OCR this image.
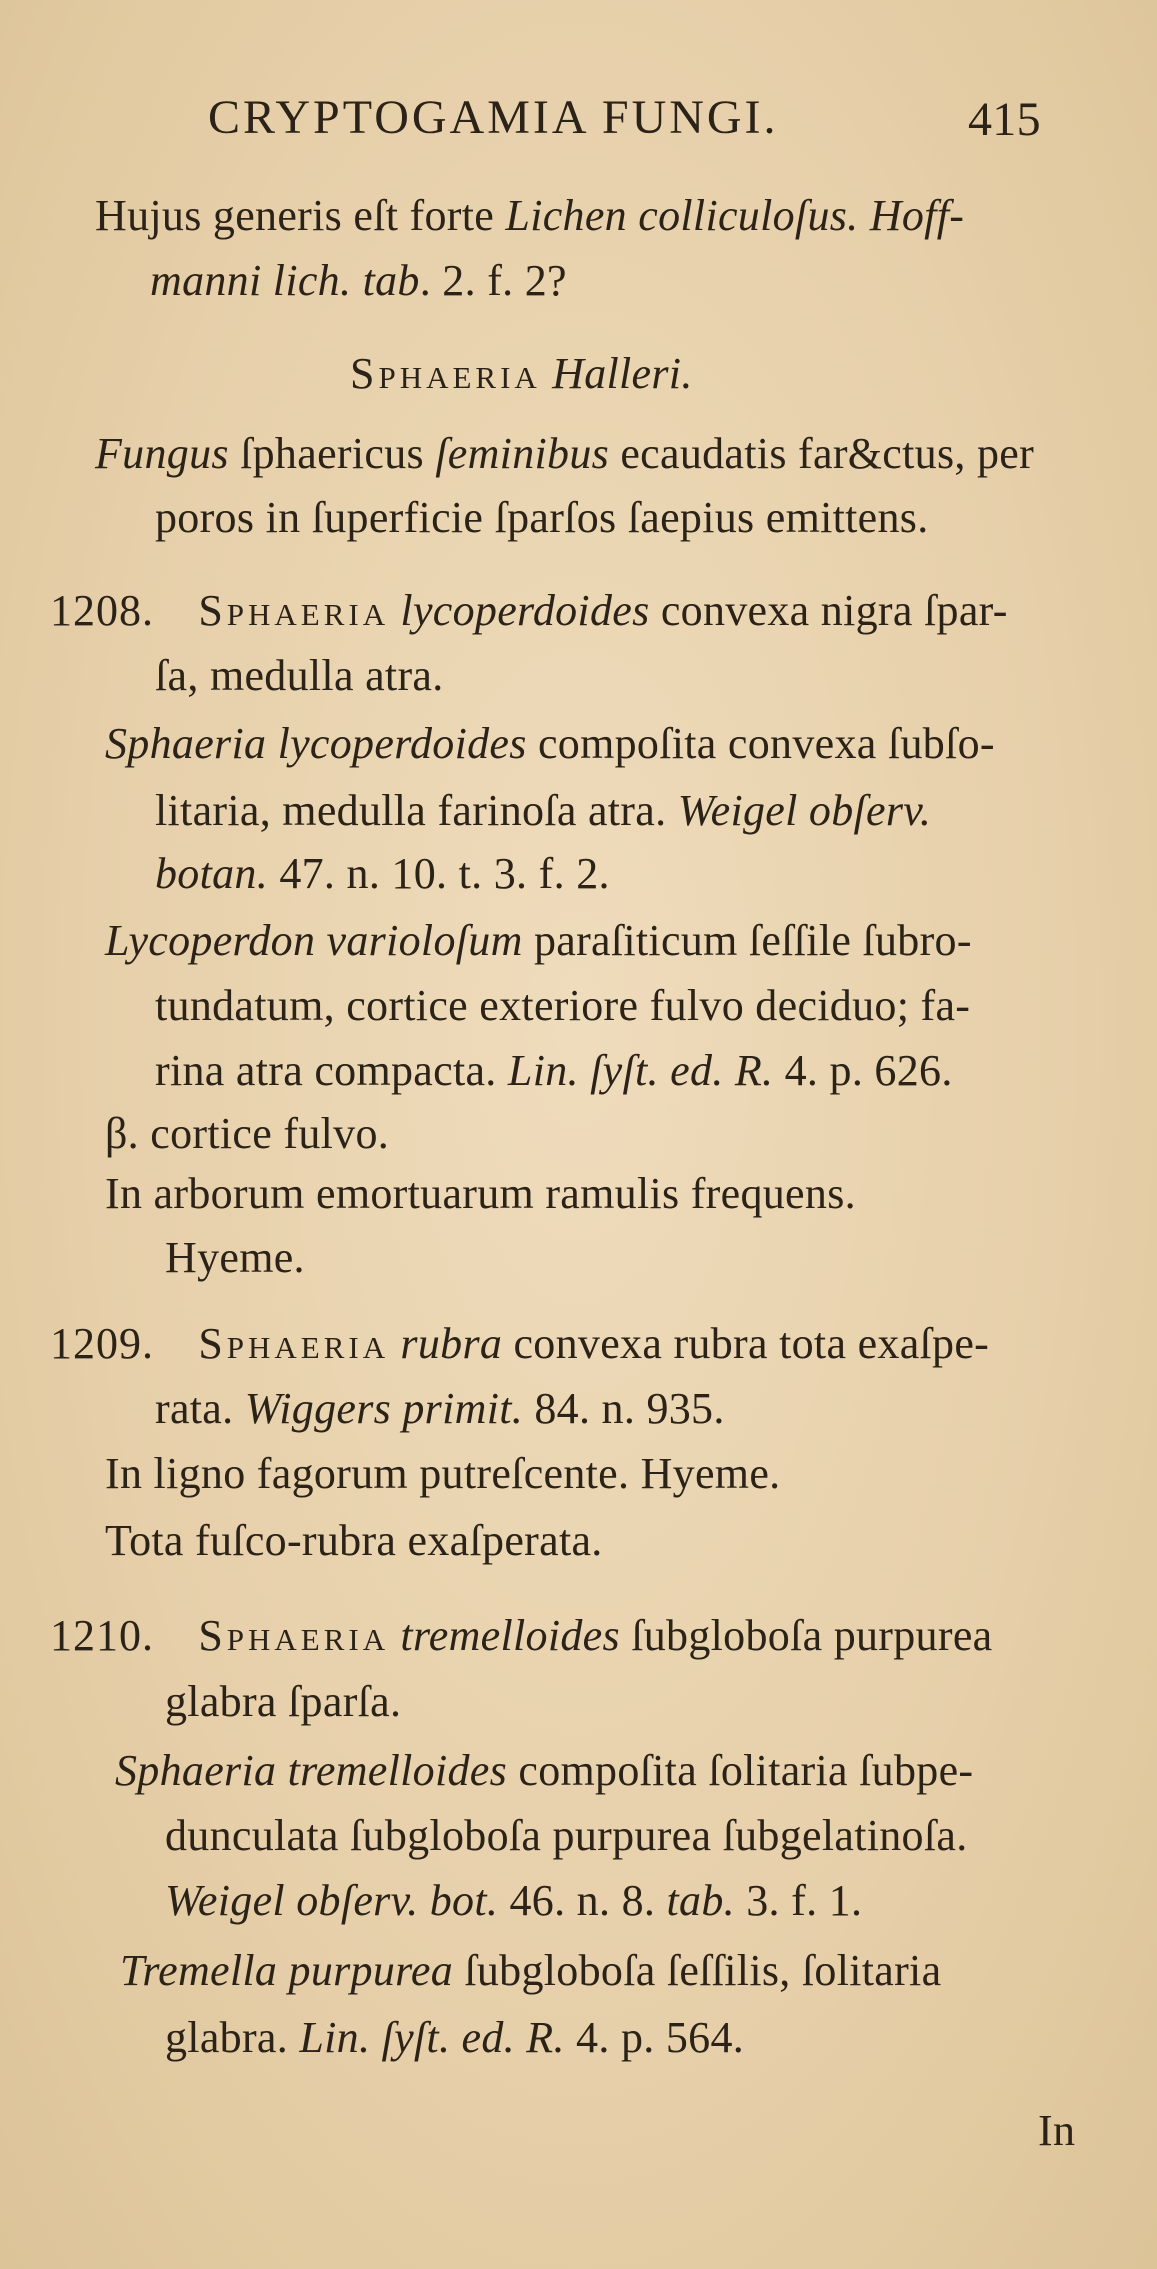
CRYPTOGAMIA FUNGI.	415
Hujus generis eſt forte Lichen colliculoſus. Hoff-
manni lich. tab. 2. f. 2?
Sphaeria Halleri.
Fungus ſphaericus ſeminibus ecaudatis far&ctus, per
poros in ſuperficie ſparſos ſaepius emittens.
1208.  Sphaeria lycoperdoides convexa nigra ſpar-
ſa, medulla atra.
Sphaeria lycoperdoides compoſita convexa ſubſo-
litaria, medulla farinoſa atra. Weigel obſerv.
botan. 47. n. 10. t. 3. f. 2.
Lycoperdon varioloſum paraſiticum ſeſſile ſubro-
tundatum, cortice exteriore fulvo deciduo; fa-
rina atra compacta. Lin. ſyſt. ed. R. 4. p. 626.
β. cortice fulvo.
In arborum emortuarum ramulis frequens.
Hyeme.
1209.  Sphaeria rubra convexa rubra tota exaſpe-
rata. Wiggers primit. 84. n. 935.
In ligno fagorum putreſcente. Hyeme.
Tota fuſco-rubra exaſperata.
1210.  Sphaeria tremelloides ſubgloboſa purpurea
glabra ſparſa.
Sphaeria tremelloides compoſita ſolitaria ſubpe-
dunculata ſubgloboſa purpurea ſubgelatinoſa.
Weigel obſerv. bot. 46. n. 8. tab. 3. f. 1.
Tremella purpurea ſubgloboſa ſeſſilis, ſolitaria
glabra. Lin. ſyſt. ed. R. 4. p. 564.
In
